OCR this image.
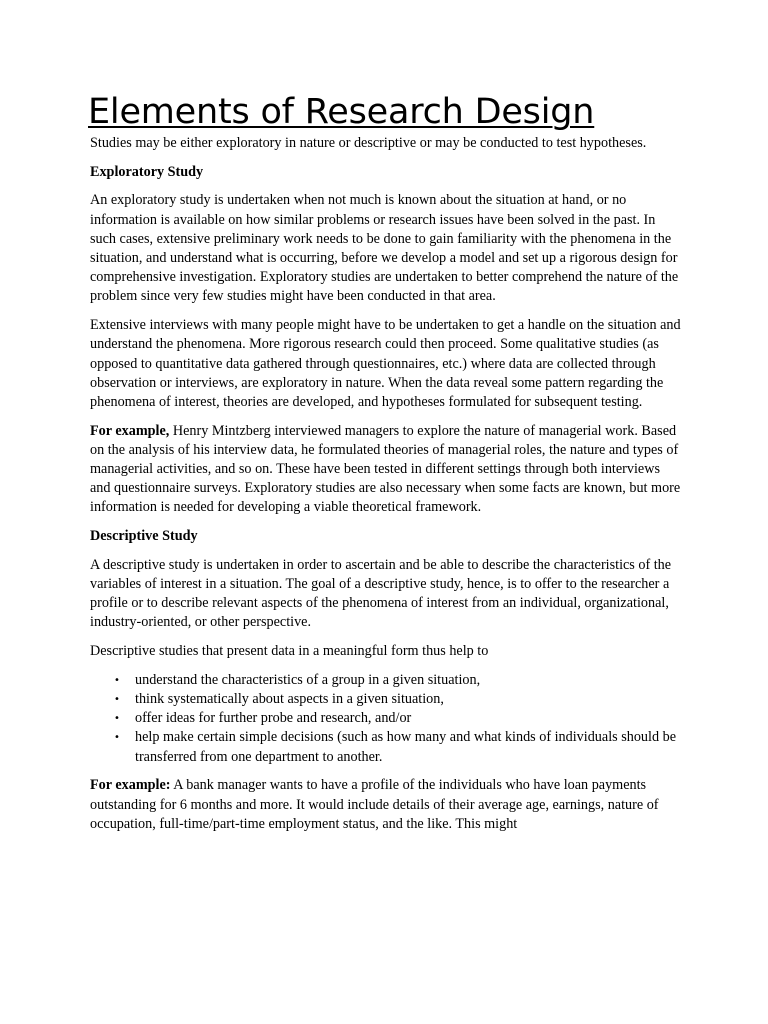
Elements of Research Design

Studies may be either exploratory in nature or descriptive or may be conducted to test hypotheses.

Exploratory Study

An exploratory study is undertaken when not much is known about the situation at hand, or no information is available on how similar problems or research issues have been solved in the past. In such cases, extensive preliminary work needs to be done to gain familiarity with the phenomena in the situation, and understand what is occurring, before we develop a model and set up a rigorous design for comprehensive investigation. Exploratory studies are undertaken to better comprehend the nature of the problem since very few studies might have been conducted in that area.

Extensive interviews with many people might have to be undertaken to get a handle on the situation and understand the phenomena. More rigorous research could then proceed. Some qualitative studies (as opposed to quantitative data gathered through questionnaires, etc.) where data are collected through observation or interviews, are exploratory in nature. When the data reveal some pattern regarding the phenomena of interest, theories are developed, and hypotheses formulated for subsequent testing.

For example, Henry Mintzberg interviewed managers to explore the nature of managerial work. Based on the analysis of his interview data, he formulated theories of managerial roles, the nature and types of managerial activities, and so on. These have been tested in different settings through both interviews and questionnaire surveys. Exploratory studies are also necessary when some facts are known, but more information is needed for developing a viable theoretical framework.

Descriptive Study

A descriptive study is undertaken in order to ascertain and be able to describe the characteristics of the variables of interest in a situation. The goal of a descriptive study, hence, is to offer to the researcher a profile or to describe relevant aspects of the phenomena of interest from an individual, organizational, industry-oriented, or other perspective.

Descriptive studies that present data in a meaningful form thus help to

• understand the characteristics of a group in a given situation,
• think systematically about aspects in a given situation,
• offer ideas for further probe and research, and/or
• help make certain simple decisions (such as how many and what kinds of individuals should be transferred from one department to another.

For example: A bank manager wants to have a profile of the individuals who have loan payments outstanding for 6 months and more. It would include details of their average age, earnings, nature of occupation, full-time/part-time employment status, and the like. This might
